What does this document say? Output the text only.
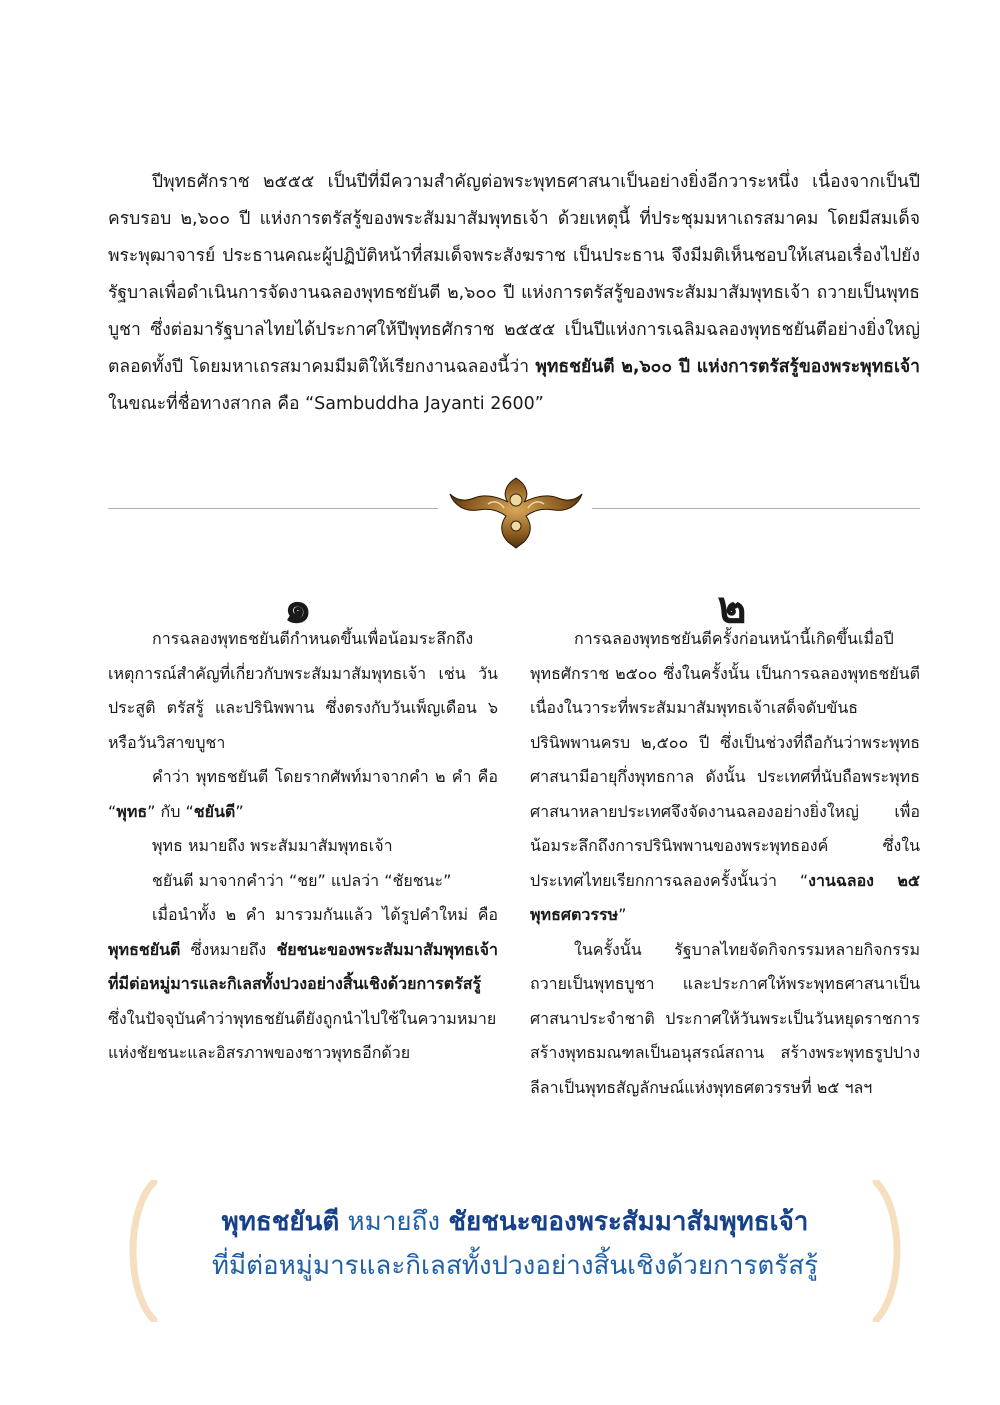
ปีพุทธศักราช ๒๕๕๕ เป็นปีที่มีความสำคัญต่อพระพุทธศาสนาเป็นอย่างยิ่งอีกวาระหนึ่ง เนื่องจากเป็นปีครบรอบ ๒,๖๐๐ ปี แห่งการตรัสรู้ของพระสัมมาสัมพุทธเจ้า ด้วยเหตุนี้ ที่ประชุมมหาเถรสมาคม โดยมีสมเด็จพระพุฒาจารย์ ประธานคณะผู้ปฏิบัติหน้าที่สมเด็จพระสังฆราช เป็นประธาน จึงมีมติเห็นชอบให้เสนอเรื่องไปยังรัฐบาลเพื่อดำเนินการจัดงานฉลองพุทธชยันตี ๒,๖๐๐ ปี แห่งการตรัสรู้ของพระสัมมาสัมพุทธเจ้า ถวายเป็นพุทธบูชา ซึ่งต่อมารัฐบาลไทยได้ประกาศให้ปีพุทธศักราช ๒๕๕๕ เป็นปีแห่งการเฉลิมฉลองพุทธชยันตีอย่างยิ่งใหญ่ตลอดทั้งปี โดยมหาเถรสมาคมมีมติให้เรียกงานฉลองนี้ว่า พุทธชยันตี ๒,๖๐๐ ปี แห่งการตรัสรู้ของพระพุทธเจ้า ในขณะที่ชื่อทางสากล คือ “Sambuddha Jayanti 2600”
๑	๒

การฉลองพุทธชยันตีกำหนดขึ้นเพื่อน้อมระลึกถึงเหตุการณ์สำคัญที่เกี่ยวกับพระสัมมาสัมพุทธเจ้า เช่น วันประสูติ ตรัสรู้ และปรินิพพาน ซึ่งตรงกับวันเพ็ญเดือน ๖ หรือวันวิสาขบูชา

คำว่า พุทธชยันตี โดยรากศัพท์มาจากคำ ๒ คำ คือ “พุทธ” กับ “ชยันตี”

พุทธ หมายถึง พระสัมมาสัมพุทธเจ้า

ชยันตี มาจากคำว่า “ชย” แปลว่า “ชัยชนะ”

เมื่อนำทั้ง ๒ คำ มารวมกันแล้ว ได้รูปคำใหม่ คือ พุทธชยันตี ซึ่งหมายถึง ชัยชนะของพระสัมมาสัมพุทธเจ้าที่มีต่อหมู่มารและกิเลสทั้งปวงอย่างสิ้นเชิงด้วยการตรัสรู้ ซึ่งในปัจจุบันคำว่าพุทธชยันตียังถูกนำไปใช้ในความหมายแห่งชัยชนะและอิสรภาพของชาวพุทธอีกด้วย

การฉลองพุทธชยันตีครั้งก่อนหน้านี้เกิดขึ้นเมื่อปีพุทธศักราช ๒๕๐๐ ซึ่งในครั้งนั้น เป็นการฉลองพุทธชยันตีเนื่องในวาระที่พระสัมมาสัมพุทธเจ้าเสด็จดับขันธปรินิพพานครบ ๒,๕๐๐ ปี ซึ่งเป็นช่วงที่ถือกันว่าพระพุทธศาสนามีอายุกึ่งพุทธกาล ดังนั้น ประเทศที่นับถือพระพุทธศาสนาหลายประเทศจึงจัดงานฉลองอย่างยิ่งใหญ่ เพื่อน้อมระลึกถึงการปรินิพพานของพระพุทธองค์ ซึ่งในประเทศไทยเรียกการฉลองครั้งนั้นว่า “งานฉลอง ๒๕ พุทธศตวรรษ”

ในครั้งนั้น รัฐบาลไทยจัดกิจกรรมหลายกิจกรรม ถวายเป็นพุทธบูชา และประกาศให้พระพุทธศาสนาเป็นศาสนาประจำชาติ ประกาศให้วันพระเป็นวันหยุดราชการ สร้างพุทธมณฑลเป็นอนุสรณ์สถาน สร้างพระพุทธรูปปางลีลาเป็นพุทธสัญลักษณ์แห่งพุทธศตวรรษที่ ๒๕ ฯลฯ

พุทธชยันตี หมายถึง ชัยชนะของพระสัมมาสัมพุทธเจ้า
ที่มีต่อหมู่มารและกิเลสทั้งปวงอย่างสิ้นเชิงด้วยการตรัสรู้
